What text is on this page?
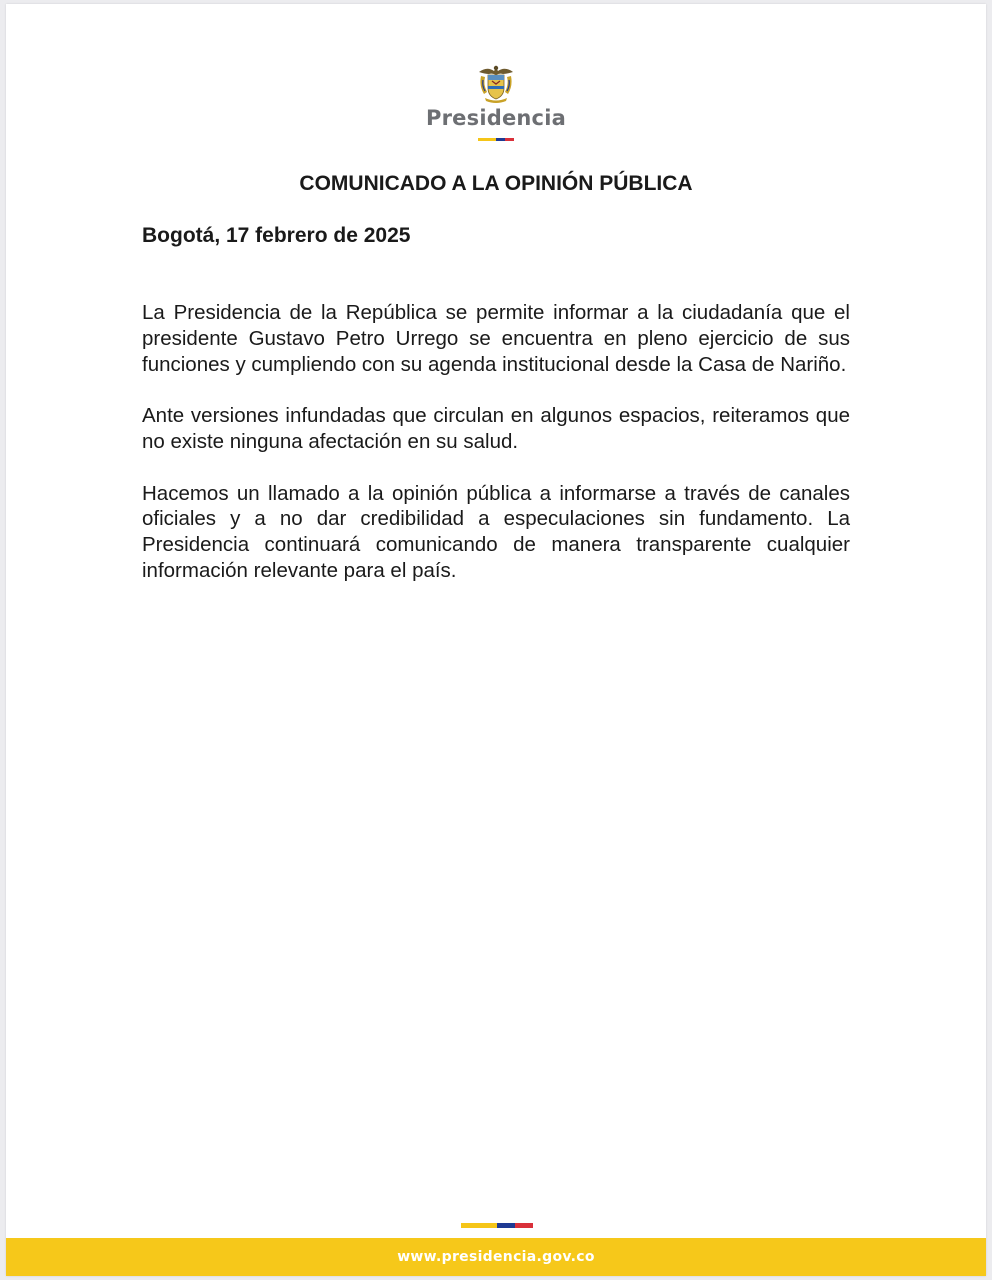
Presidencia
COMUNICADO A LA OPINIÓN PÚBLICA

Bogotá, 17 febrero de 2025

La Presidencia de la República se permite informar a la ciudadanía que el presidente Gustavo Petro Urrego se encuentra en pleno ejercicio de sus funciones y cumpliendo con su agenda institucional desde la Casa de Nariño.

Ante versiones infundadas que circulan en algunos espacios, reiteramos que no existe ninguna afectación en su salud.

Hacemos un llamado a la opinión pública a informarse a través de canales oficiales y a no dar credibilidad a especulaciones sin fundamento. La Presidencia continuará comunicando de manera transparente cualquier información relevante para el país.

www.presidencia.gov.co
